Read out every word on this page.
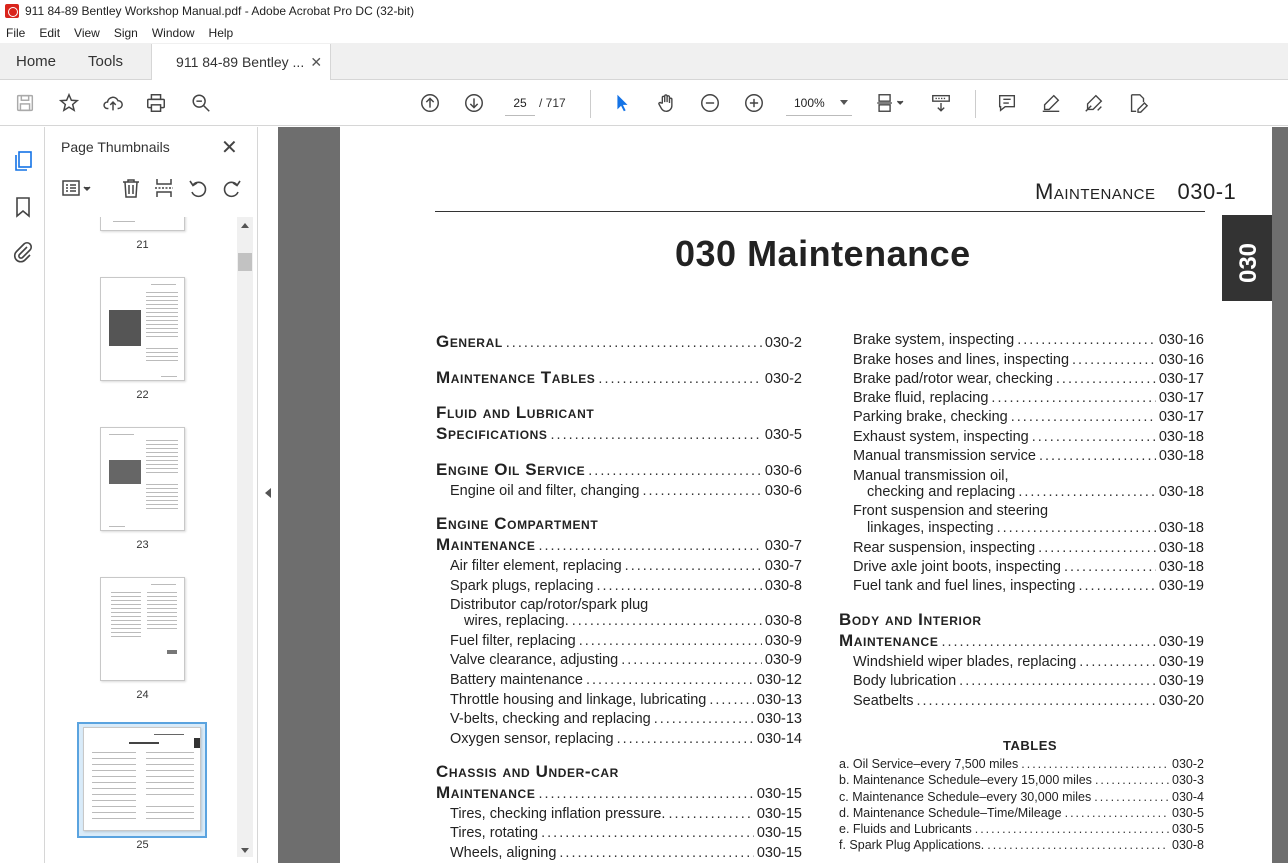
911 84-89 Bentley Workshop Manual.pdf - Adobe Acrobat Pro DC (32-bit)
File Edit View Sign Window Help
Home	Tools	911 84-89 Bentley ... ✕
25	/ 717	100%
Page Thumbnails	✕
21
22
23
24
25
Maintenance 030-1
030
030 Maintenance
TABLES
General .....	030-2
Maintenance Tables .....	030-2
Fluid and Lubricant
Specifications .....	030-5
Engine Oil Service .....	030-6
Engine oil and filter, changing .....	030-6
Engine Compartment
Maintenance .....	030-7
Air filter element, replacing .....	030-7
Spark plugs, replacing .....	030-8
Distributor cap/rotor/spark plug
wires, replacing. .....	030-8
Fuel filter, replacing .....	030-9
Valve clearance, adjusting .....	030-9
Battery maintenance .....	030-12
Throttle housing and linkage, lubricating .....	030-13
V-belts, checking and replacing .....	030-13
Oxygen sensor, replacing .....	030-14
Chassis and Under-car
Maintenance .....	030-15
Tires, checking inflation pressure. .....	030-15
Tires, rotating .....	030-15
Wheels, aligning .....	030-15
Brake system, inspecting .....	030-16
Brake hoses and lines, inspecting .....	030-16
Brake pad/rotor wear, checking .....	030-17
Brake fluid, replacing .....	030-17
Parking brake, checking .....	030-17
Exhaust system, inspecting .....	030-18
Manual transmission service .....	030-18
Manual transmission oil,
checking and replacing .....	030-18
Front suspension and steering
linkages, inspecting .....	030-18
Rear suspension, inspecting .....	030-18
Drive axle joint boots, inspecting .....	030-18
Fuel tank and fuel lines, inspecting .....	030-19
Body and Interior
Maintenance .....	030-19
Windshield wiper blades, replacing .....	030-19
Body lubrication .....	030-19
Seatbelts .....	030-20
a. Oil Service–every 7,500 miles .....	030-2
b. Maintenance Schedule–every 15,000 miles .....	030-3
c. Maintenance Schedule–every 30,000 miles .....	030-4
d. Maintenance Schedule–Time/Mileage .....	030-5
e. Fluids and Lubricants .....	030-5
f. Spark Plug Applications. .....	030-8
